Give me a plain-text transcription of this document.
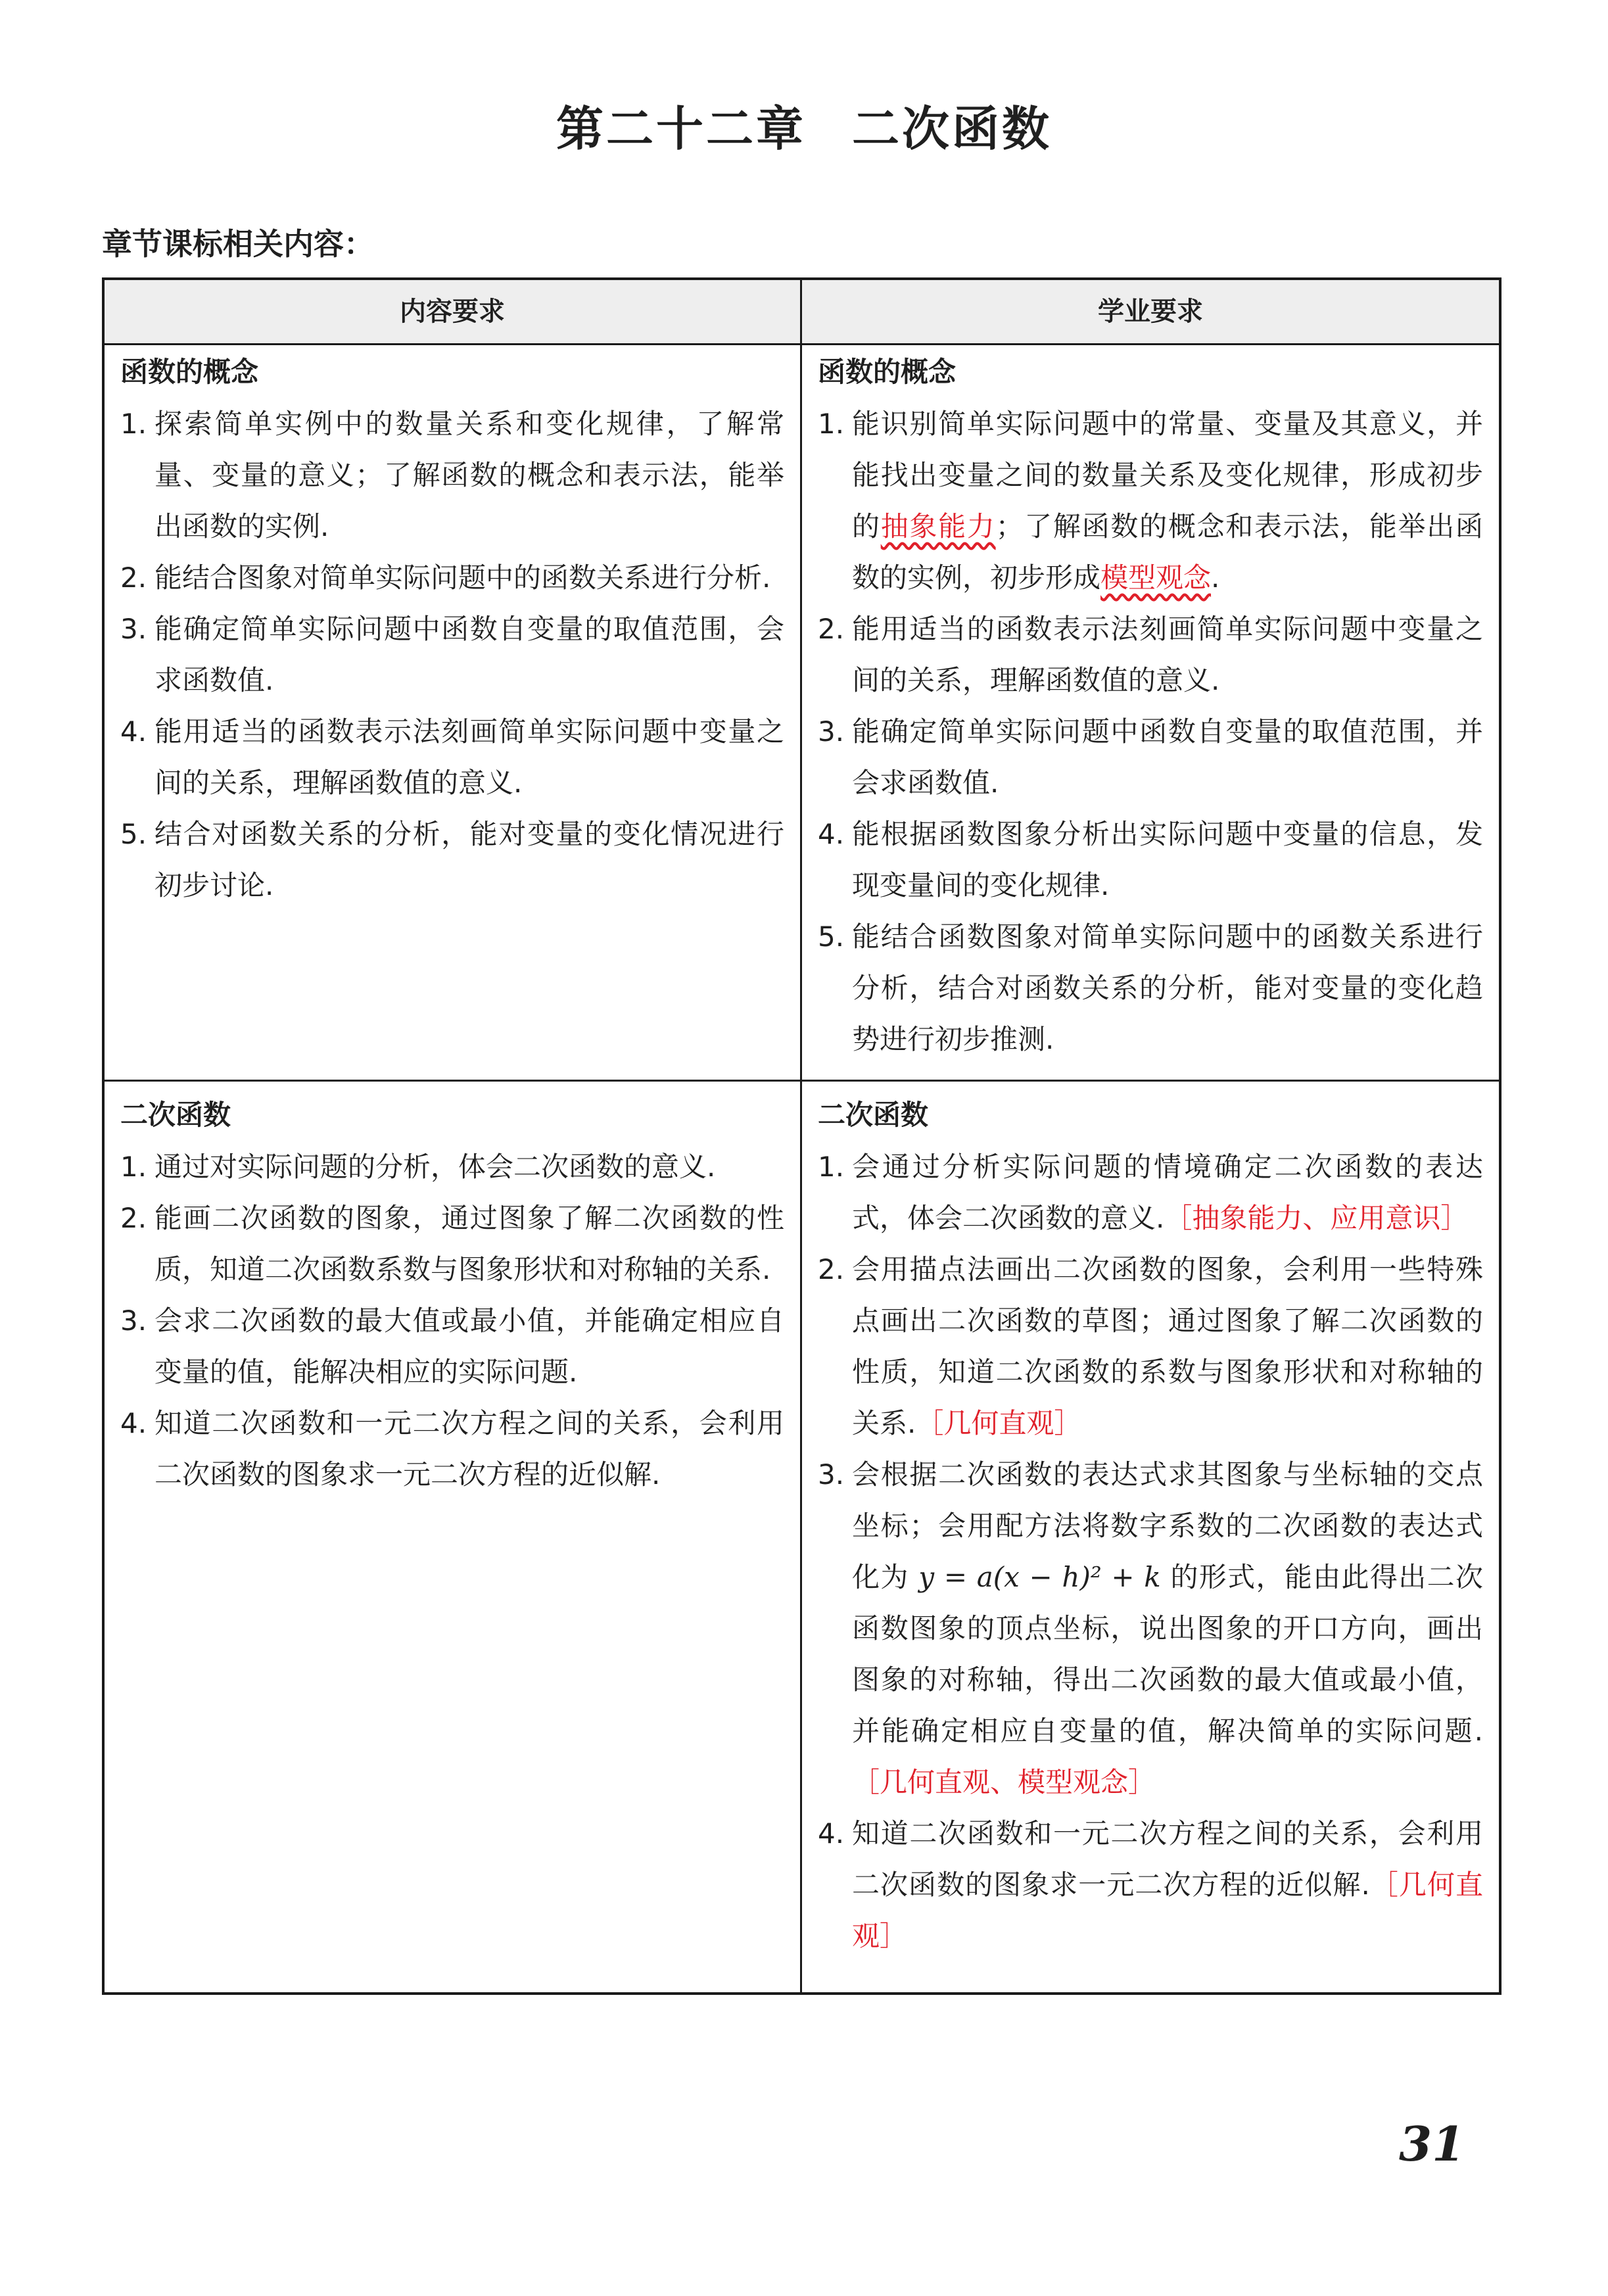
第二十二章 二次函数
章节课标相关内容：
内容要求	学业要求
函数的概念
1. 探索简单实例中的数量关系和变化规律，了解常量、变量的意义；了解函数的概念和表示法，能举出函数的实例.
2. 能结合图象对简单实际问题中的函数关系进行分析.
3. 能确定简单实际问题中函数自变量的取值范围，会求函数值.
4. 能用适当的函数表示法刻画简单实际问题中变量之间的关系，理解函数值的意义.
5. 结合对函数关系的分析，能对变量的变化情况进行初步讨论.
函数的概念
1. 能识别简单实际问题中的常量、变量及其意义，并能找出变量之间的数量关系及变化规律，形成初步的抽象能力；了解函数的概念和表示法，能举出函数的实例，初步形成模型观念.
2. 能用适当的函数表示法刻画简单实际问题中变量之间的关系，理解函数值的意义.
3. 能确定简单实际问题中函数自变量的取值范围，并会求函数值.
4. 能根据函数图象分析出实际问题中变量的信息，发现变量间的变化规律.
5. 能结合函数图象对简单实际问题中的函数关系进行分析，结合对函数关系的分析，能对变量的变化趋势进行初步推测.
二次函数
1. 通过对实际问题的分析，体会二次函数的意义.
2. 能画二次函数的图象，通过图象了解二次函数的性质，知道二次函数系数与图象形状和对称轴的关系.
3. 会求二次函数的最大值或最小值，并能确定相应自变量的值，能解决相应的实际问题.
4. 知道二次函数和一元二次方程之间的关系，会利用二次函数的图象求一元二次方程的近似解.
二次函数
1. 会通过分析实际问题的情境确定二次函数的表达式，体会二次函数的意义.［抽象能力、应用意识］
2. 会用描点法画出二次函数的图象，会利用一些特殊点画出二次函数的草图；通过图象了解二次函数的性质，知道二次函数的系数与图象形状和对称轴的关系.［几何直观］
3. 会根据二次函数的表达式求其图象与坐标轴的交点坐标；会用配方法将数字系数的二次函数的表达式化为 y = a(x − h)² + k 的形式，能由此得出二次函数图象的顶点坐标，说出图象的开口方向，画出图象的对称轴，得出二次函数的最大值或最小值，并能确定相应自变量的值，解决简单的实际问题.［几何直观、模型观念］
4. 知道二次函数和一元二次方程之间的关系，会利用二次函数的图象求一元二次方程的近似解.［几何直观］
31
